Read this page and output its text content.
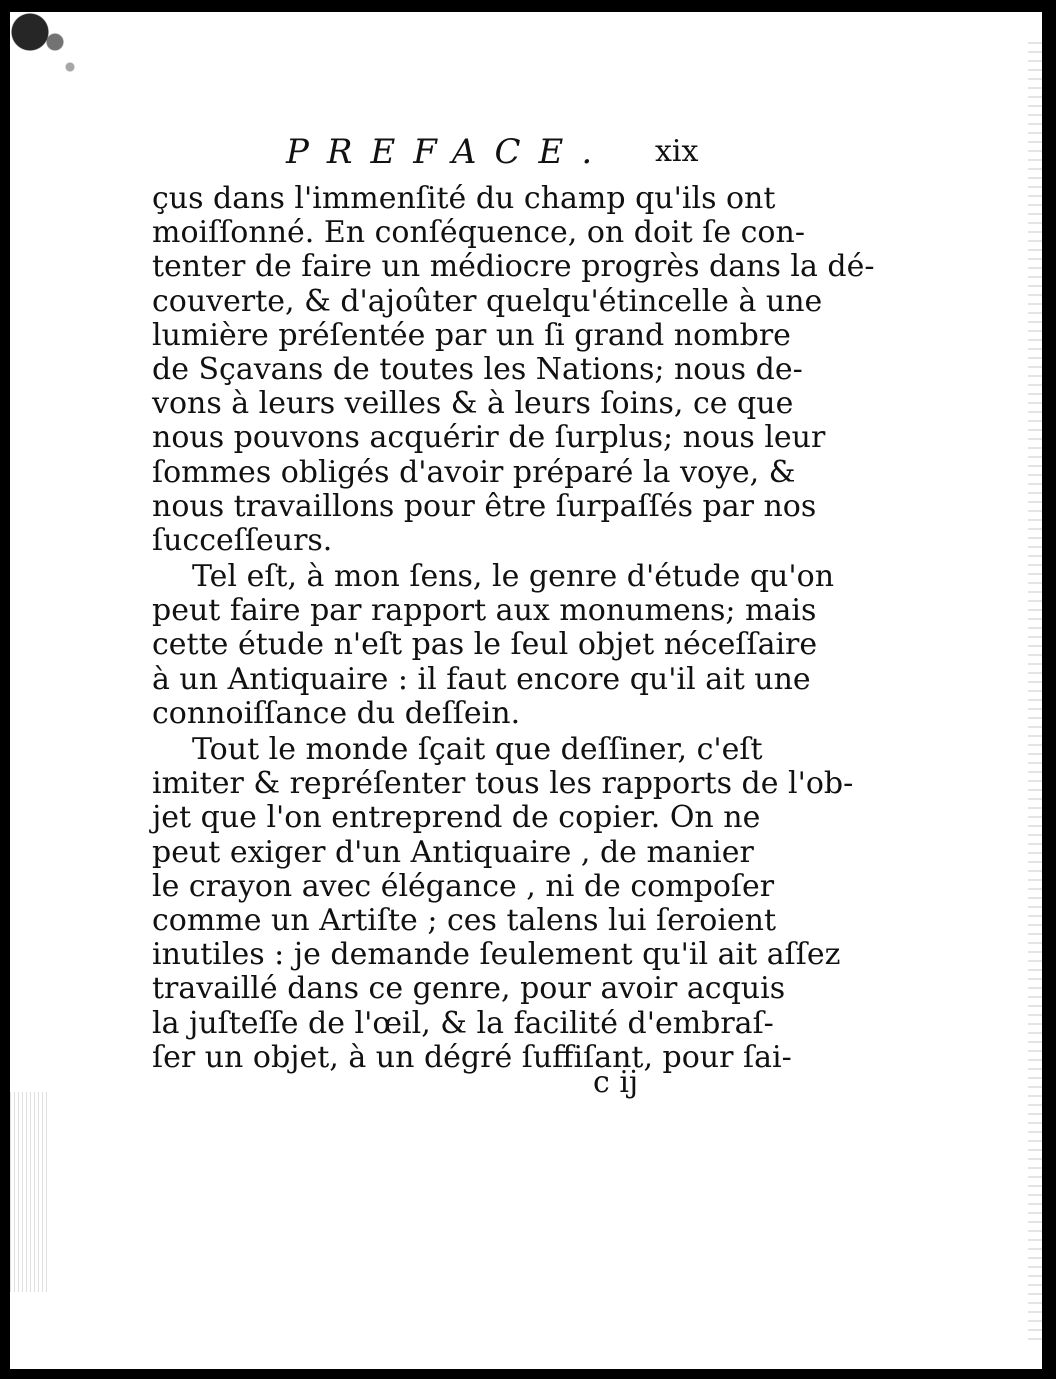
PREFACE. xix
çus dans l'immenſité du champ qu'ils ont
moiſſonné. En conſéquence, on doit ſe con-
tenter de faire un médiocre progrès dans la dé-
couverte, & d'ajoûter quelqu'étincelle à une
lumière préſentée par un ſi grand nombre
de Sçavans de toutes les Nations; nous de-
vons à leurs veilles & à leurs ſoins, ce que
nous pouvons acquérir de ſurplus; nous leur
ſommes obligés d'avoir préparé la voye, &
nous travaillons pour être ſurpaſſés par nos
ſucceſſeurs.
Tel eſt, à mon ſens, le genre d'étude qu'on
peut faire par rapport aux monumens; mais
cette étude n'eſt pas le ſeul objet néceſſaire
à un Antiquaire : il faut encore qu'il ait une
connoiſſance du deſſein.
Tout le monde ſçait que deſſiner, c'eſt
imiter & repréſenter tous les rapports de l'ob-
jet que l'on entreprend de copier. On ne
peut exiger d'un Antiquaire , de manier
le crayon avec élégance , ni de compoſer
comme un Artiſte ; ces talens lui ſeroient
inutiles : je demande ſeulement qu'il ait aſſez
travaillé dans ce genre, pour avoir acquis
la juſteſſe de l'œil, & la facilité d'embraſ-
ſer un objet, à un dégré ſuffiſant, pour ſai-
c ij
